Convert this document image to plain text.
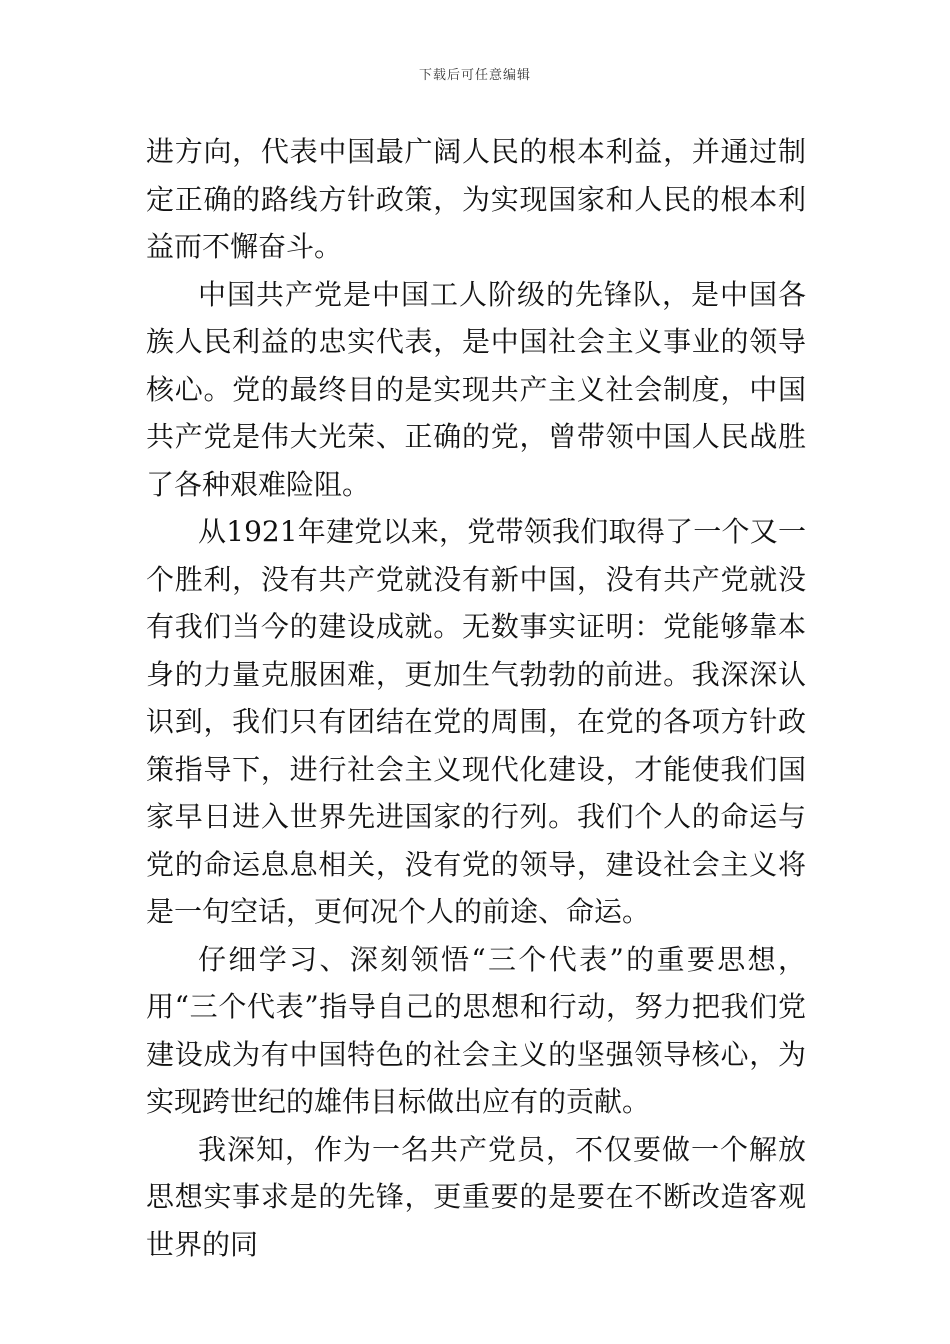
下载后可任意编辑

进方向，代表中国最广阔人民的根本利益，并通过制定正确的路线方针政策，为实现国家和人民的根本利益而不懈奋斗。

中国共产党是中国工人阶级的先锋队，是中国各族人民利益的忠实代表，是中国社会主义事业的领导核心。党的最终目的是实现共产主义社会制度，中国共产党是伟大光荣、正确的党，曾带领中国人民战胜了各种艰难险阻。

从1921年建党以来，党带领我们取得了一个又一个胜利，没有共产党就没有新中国，没有共产党就没有我们当今的建设成就。无数事实证明：党能够靠本身的力量克服困难，更加生气勃勃的前进。我深深认识到，我们只有团结在党的周围，在党的各项方针政策指导下，进行社会主义现代化建设，才能使我们国家早日进入世界先进国家的行列。我们个人的命运与党的命运息息相关，没有党的领导，建设社会主义将是一句空话，更何况个人的前途、命运。

仔细学习、深刻领悟“三个代表”的重要思想，用“三个代表”指导自己的思想和行动，努力把我们党建设成为有中国特色的社会主义的坚强领导核心，为实现跨世纪的雄伟目标做出应有的贡献。

我深知，作为一名共产党员，不仅要做一个解放思想实事求是的先锋，更重要的是要在不断改造客观世界的同
